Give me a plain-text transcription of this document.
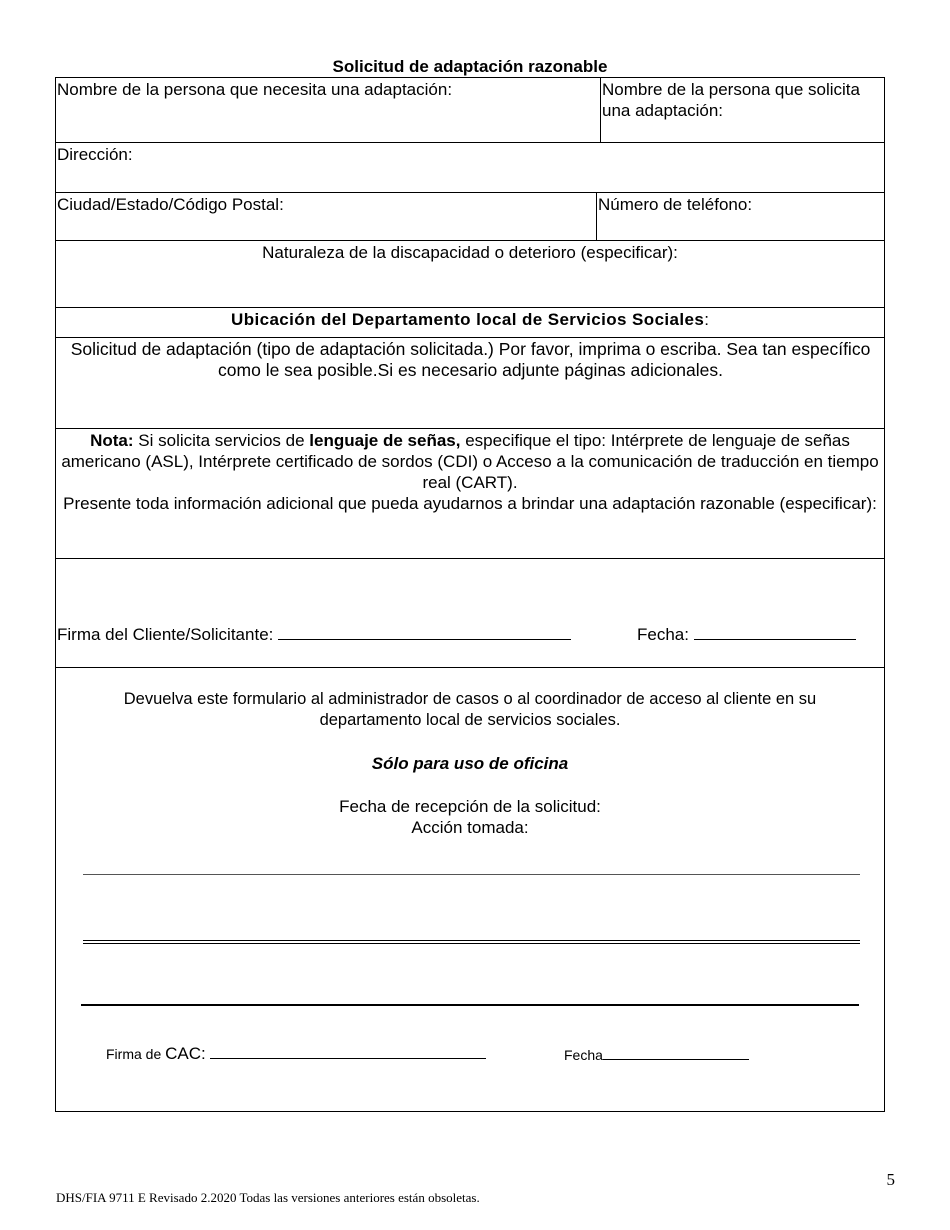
Solicitud de adaptación razonable
Nombre de la persona que necesita una adaptación:	Nombre de la persona que solicita una adaptación:
Dirección:
Ciudad/Estado/Código Postal:	Número de teléfono:
Naturaleza de la discapacidad o deterioro (especificar):
Ubicación del Departamento local de Servicios Sociales:
Solicitud de adaptación (tipo de adaptación solicitada.) Por favor, imprima o escriba. Sea tan específico como le sea posible.Si es necesario adjunte páginas adicionales.
Nota: Si solicita servicios de lenguaje de señas, especifique el tipo: Intérprete de lenguaje de señas americano (ASL), Intérprete certificado de sordos (CDI) o Acceso a la comunicación de traducción en tiempo real (CART).
Presente toda información adicional que pueda ayudarnos a brindar una adaptación razonable (especificar):
Firma del Cliente/Solicitante:	Fecha:
Devuelva este formulario al administrador de casos o al coordinador de acceso al cliente en su departamento local de servicios sociales.
Sólo para uso de oficina
Fecha de recepción de la solicitud:
Acción tomada:
Firma de CAC:	Fecha
5
DHS/FIA 9711 E Revisado 2.2020 Todas las versiones anteriores están obsoletas.
